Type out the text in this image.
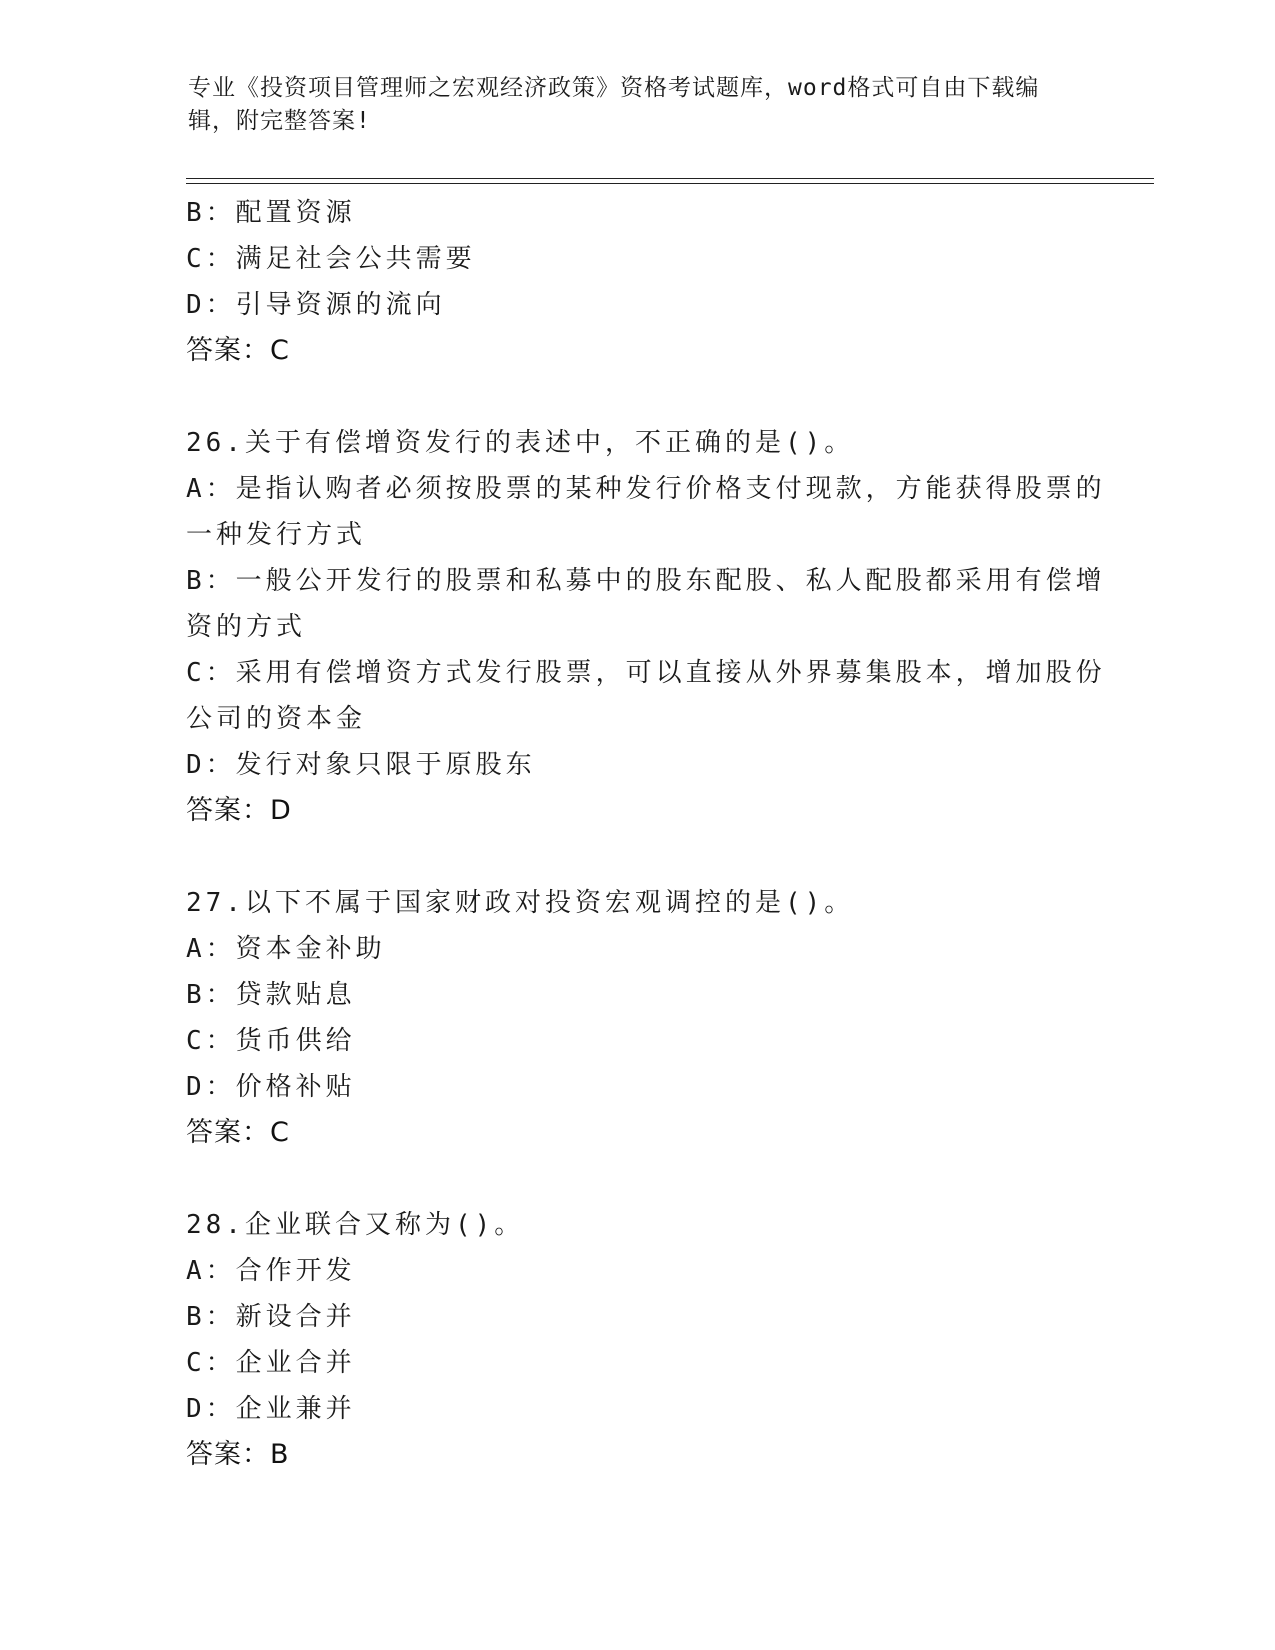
专业《投资项目管理师之宏观经济政策》资格考试题库，word格式可自由下载编
辑，附完整答案!
B：配置资源
C：满足社会公共需要
D：引导资源的流向
答案：C
26.关于有偿增资发行的表述中，不正确的是()。
A：是指认购者必须按股票的某种发行价格支付现款，方能获得股票的
一种发行方式
B：一般公开发行的股票和私募中的股东配股、私人配股都采用有偿增
资的方式
C：采用有偿增资方式发行股票，可以直接从外界募集股本，增加股份
公司的资本金
D：发行对象只限于原股东
答案：D
27.以下不属于国家财政对投资宏观调控的是()。
A：资本金补助
B：贷款贴息
C：货币供给
D：价格补贴
答案：C
28.企业联合又称为()。
A：合作开发
B：新设合并
C：企业合并
D：企业兼并
答案：B
